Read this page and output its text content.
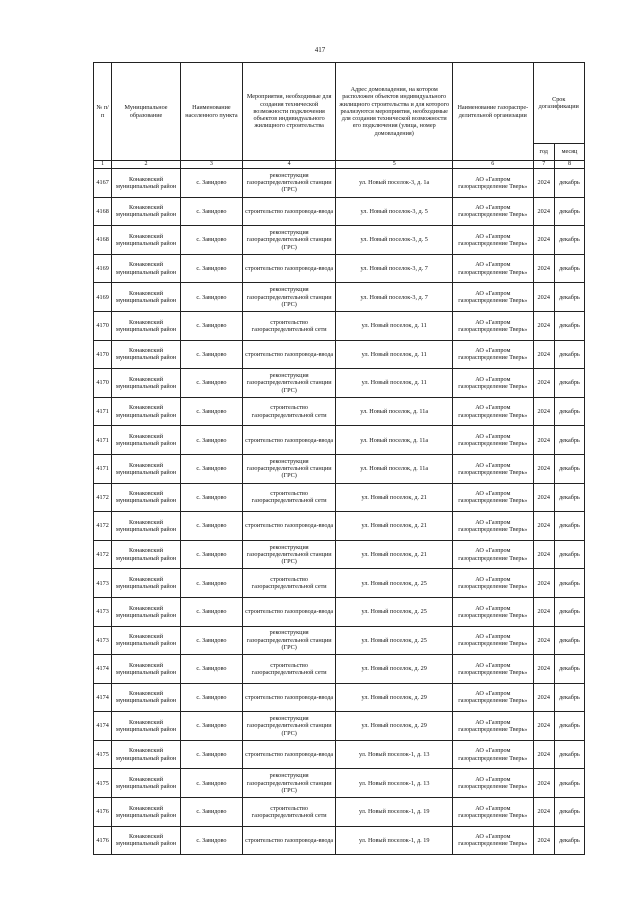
417
№ п/п	Муниципальное образование	Наименование населенного пункта	Мероприятия, необходимые для создания технической возможности подключения объектов индивидуального жилищного строительства	Адрес домовладения, на котором расположен объектов индивидуального жилищного строительства и для которого реализуются мероприятия, необходимые для создания технической возможности его подключения (улица, номер домовладения)	Наименование газораспре-делительной организации	Срок догазификации	
						год	месяц
1	2	3	4	5	6	7	8
4167	Конаковский муниципальный район	с. Завидово	реконструкция газораспределительной станции (ГРС)	ул. Новый поселок-3, д. 1а	АО «Газпром газораспределение Тверь»	2024	декабрь
4168	Конаковский муниципальный район	с. Завидово	строительство газопровода-ввода	ул. Новый поселок-3, д. 5	АО «Газпром газораспределение Тверь»	2024	декабрь
4168	Конаковский муниципальный район	с. Завидово	реконструкция газораспределительной станции (ГРС)	ул. Новый поселок-3, д. 5	АО «Газпром газораспределение Тверь»	2024	декабрь
4169	Конаковский муниципальный район	с. Завидово	строительство газопровода-ввода	ул. Новый поселок-3, д. 7	АО «Газпром газораспределение Тверь»	2024	декабрь
4169	Конаковский муниципальный район	с. Завидово	реконструкция газораспределительной станции (ГРС)	ул. Новый поселок-3, д. 7	АО «Газпром газораспределение Тверь»	2024	декабрь
4170	Конаковский муниципальный район	с. Завидово	строительство газораспределительной сети	ул. Новый поселок, д. 11	АО «Газпром газораспределение Тверь»	2024	декабрь
4170	Конаковский муниципальный район	с. Завидово	строительство газопровода-ввода	ул. Новый поселок, д. 11	АО «Газпром газораспределение Тверь»	2024	декабрь
4170	Конаковский муниципальный район	с. Завидово	реконструкция газораспределительной станции (ГРС)	ул. Новый поселок, д. 11	АО «Газпром газораспределение Тверь»	2024	декабрь
4171	Конаковский муниципальный район	с. Завидово	строительство газораспределительной сети	ул. Новый поселок, д. 11а	АО «Газпром газораспределение Тверь»	2024	декабрь
4171	Конаковский муниципальный район	с. Завидово	строительство газопровода-ввода	ул. Новый поселок, д. 11а	АО «Газпром газораспределение Тверь»	2024	декабрь
4171	Конаковский муниципальный район	с. Завидово	реконструкция газораспределительной станции (ГРС)	ул. Новый поселок, д. 11а	АО «Газпром газораспределение Тверь»	2024	декабрь
4172	Конаковский муниципальный район	с. Завидово	строительство газораспределительной сети	ул. Новый поселок, д. 21	АО «Газпром газораспределение Тверь»	2024	декабрь
4172	Конаковский муниципальный район	с. Завидово	строительство газопровода-ввода	ул. Новый поселок, д. 21	АО «Газпром газораспределение Тверь»	2024	декабрь
4172	Конаковский муниципальный район	с. Завидово	реконструкция газораспределительной станции (ГРС)	ул. Новый поселок, д. 21	АО «Газпром газораспределение Тверь»	2024	декабрь
4173	Конаковский муниципальный район	с. Завидово	строительство газораспределительной сети	ул. Новый поселок, д. 25	АО «Газпром газораспределение Тверь»	2024	декабрь
4173	Конаковский муниципальный район	с. Завидово	строительство газопровода-ввода	ул. Новый поселок, д. 25	АО «Газпром газораспределение Тверь»	2024	декабрь
4173	Конаковский муниципальный район	с. Завидово	реконструкция газораспределительной станции (ГРС)	ул. Новый поселок, д. 25	АО «Газпром газораспределение Тверь»	2024	декабрь
4174	Конаковский муниципальный район	с. Завидово	строительство газораспределительной сети	ул. Новый поселок, д. 29	АО «Газпром газораспределение Тверь»	2024	декабрь
4174	Конаковский муниципальный район	с. Завидово	строительство газопровода-ввода	ул. Новый поселок, д. 29	АО «Газпром газораспределение Тверь»	2024	декабрь
4174	Конаковский муниципальный район	с. Завидово	реконструкция газораспределительной станции (ГРС)	ул. Новый поселок, д. 29	АО «Газпром газораспределение Тверь»	2024	декабрь
4175	Конаковский муниципальный район	с. Завидово	строительство газопровода-ввода	ул. Новый поселок-1, д. 13	АО «Газпром газораспределение Тверь»	2024	декабрь
4175	Конаковский муниципальный район	с. Завидово	реконструкция газораспределительной станции (ГРС)	ул. Новый поселок-1, д. 13	АО «Газпром газораспределение Тверь»	2024	декабрь
4176	Конаковский муниципальный район	с. Завидово	строительство газораспределительной сети	ул. Новый поселок-1, д. 19	АО «Газпром газораспределение Тверь»	2024	декабрь
4176	Конаковский муниципальный район	с. Завидово	строительство газопровода-ввода	ул. Новый поселок-1, д. 19	АО «Газпром газораспределение Тверь»	2024	декабрь
